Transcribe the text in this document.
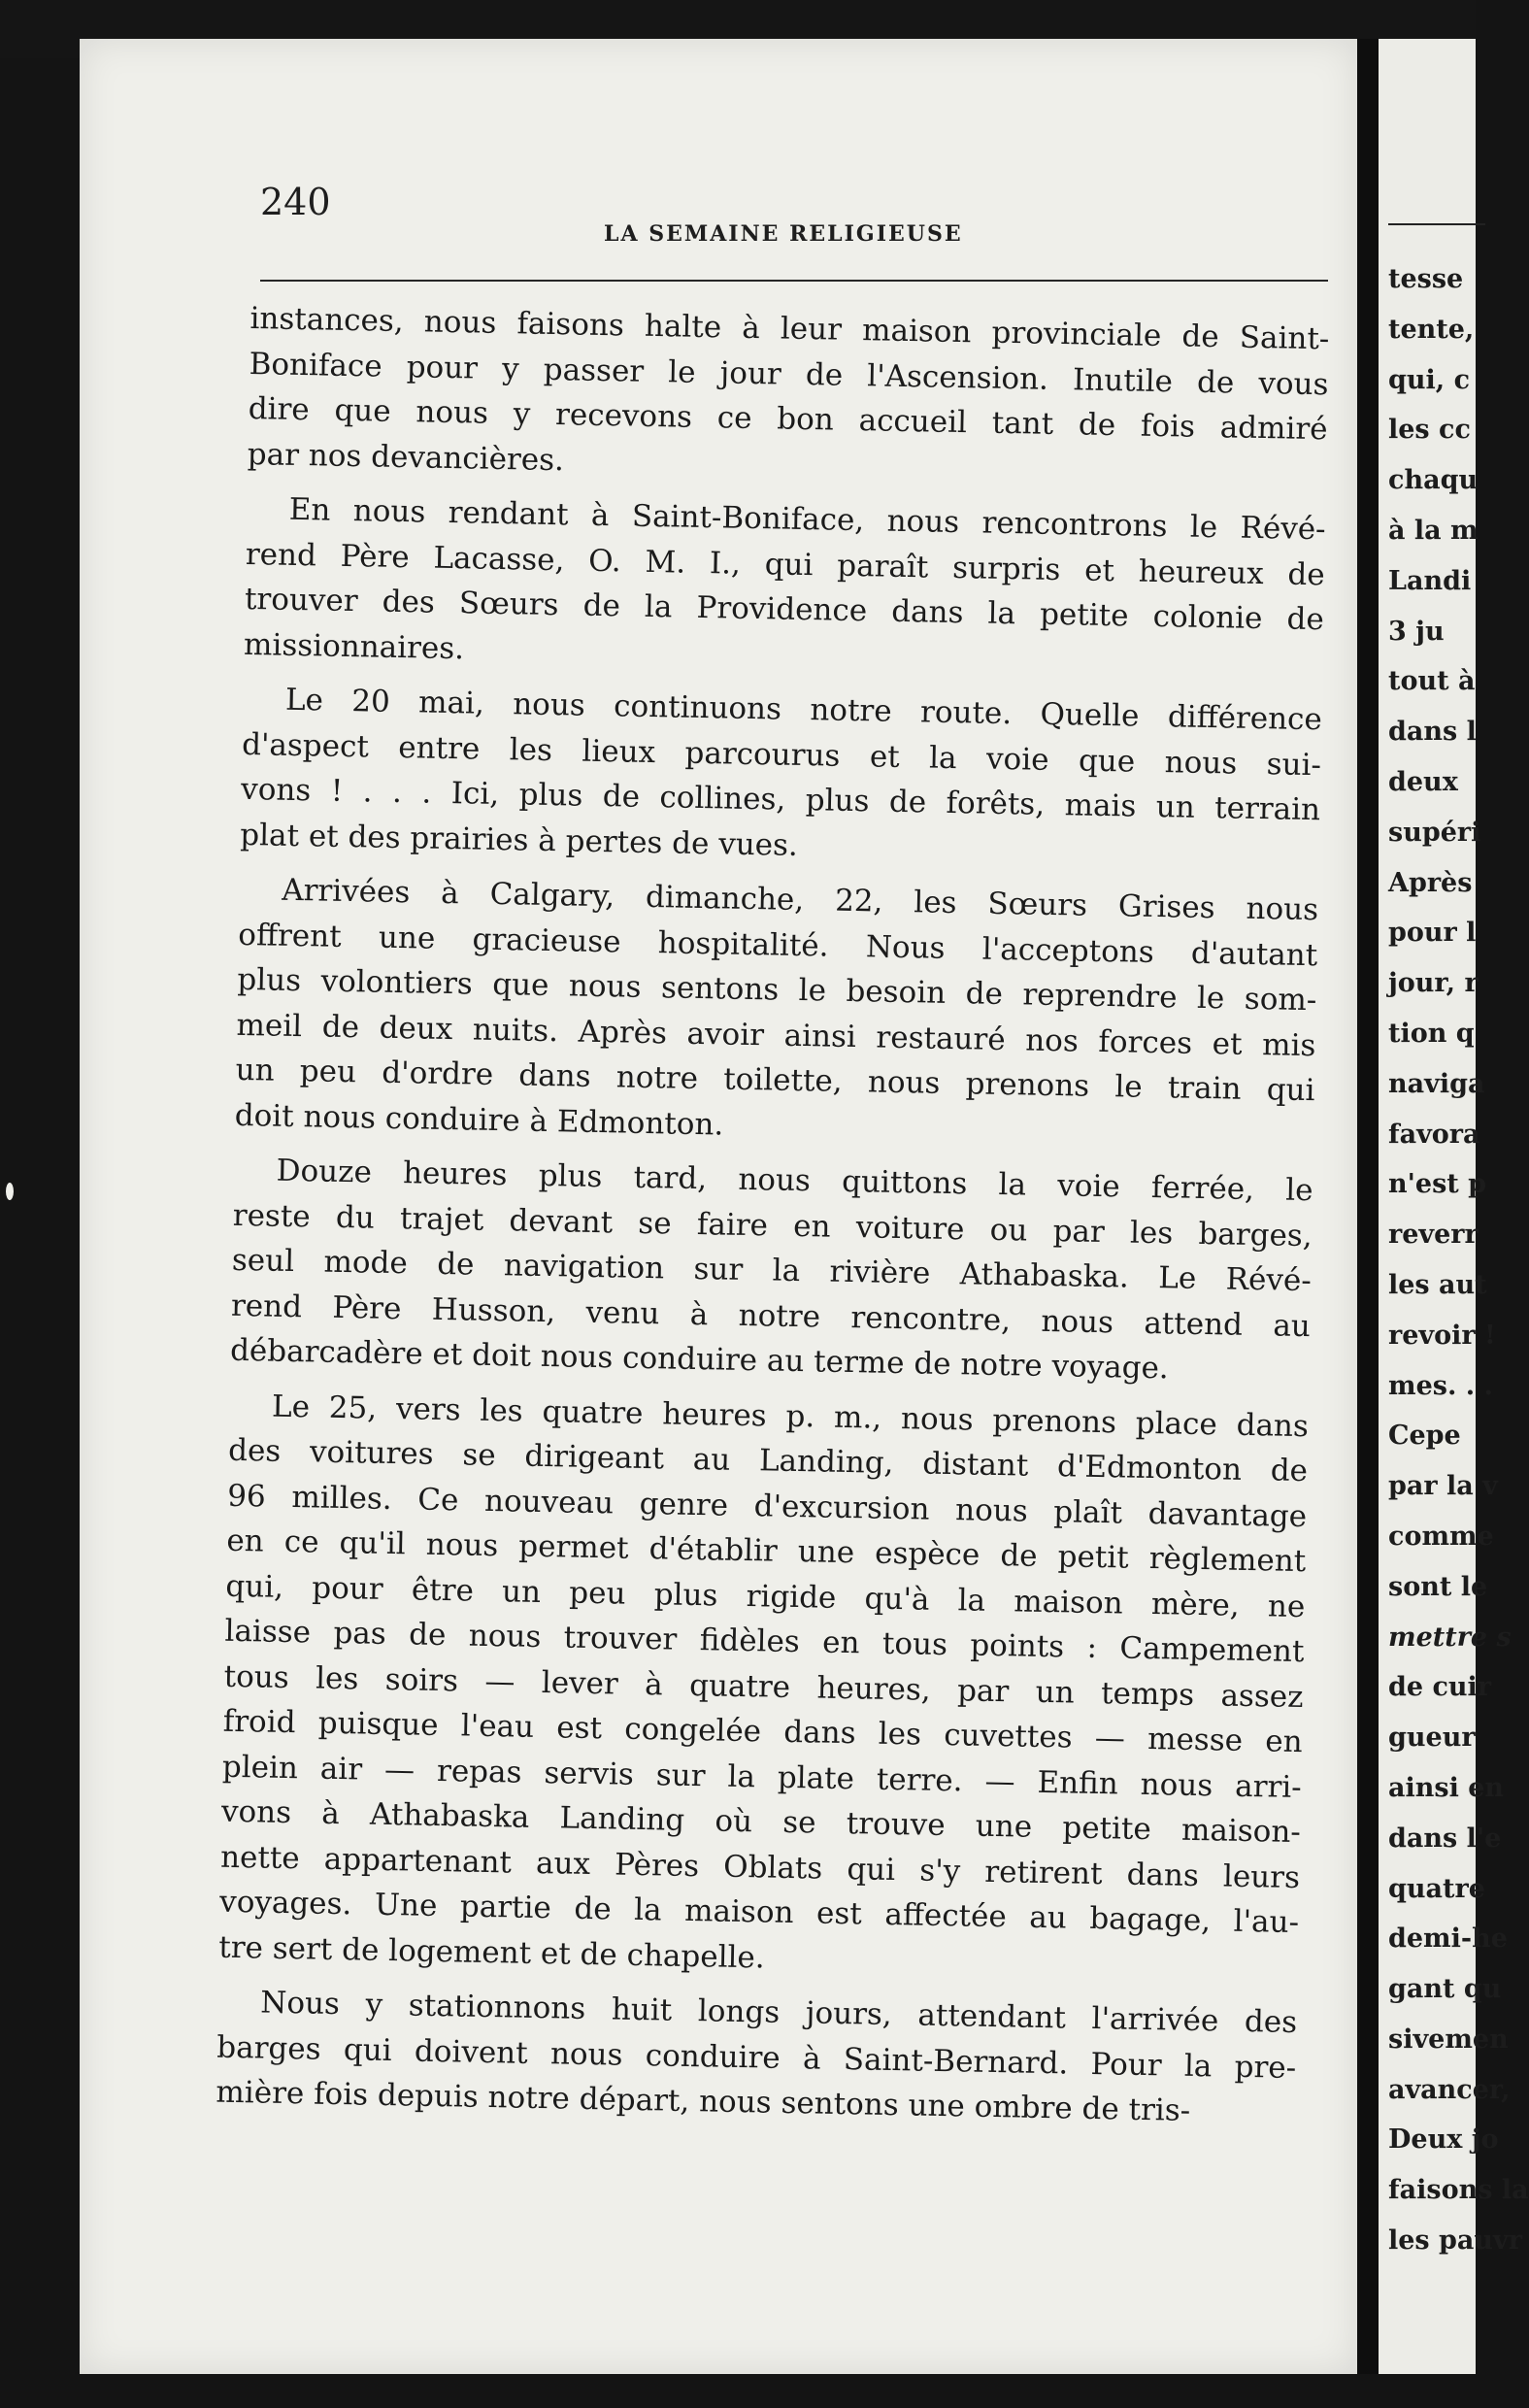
tesse
tente,
qui, c
les cc
chaqu
à la m
Landi
3 ju
tout à
dans l
deux
supéri
Après
pour l
jour, r
tion q
naviga
favora
n'est p
reverr
les aut
revoir !
mes. . .
Cepe
par la v
comme
sont le
mettre s
de cuir
gueur
ainsi en
dans l'e
quatre
demi-he
gant qu
sivemen
avancer,
Deux jo
faisons la
les pauvr
240
LA SEMAINE RELIGIEUSE
instances, nous faisons halte à leur maison provinciale de Saint-
Boniface pour y passer le jour de l'Ascension. Inutile de vous
dire que nous y recevons ce bon accueil tant de fois admiré
par nos devancières.
En nous rendant à Saint-Boniface, nous rencontrons le Révé-
rend Père Lacasse, O. M. I., qui paraît surpris et heureux de
trouver des Sœurs de la Providence dans la petite colonie de
missionnaires.
Le 20 mai, nous continuons notre route. Quelle différence
d'aspect entre les lieux parcourus et la voie que nous sui-
vons ! . . . Ici, plus de collines, plus de forêts, mais un terrain
plat et des prairies à pertes de vues.
Arrivées à Calgary, dimanche, 22, les Sœurs Grises nous
offrent une gracieuse hospitalité. Nous l'acceptons d'autant
plus volontiers que nous sentons le besoin de reprendre le som-
meil de deux nuits. Après avoir ainsi restauré nos forces et mis
un peu d'ordre dans notre toilette, nous prenons le train qui
doit nous conduire à Edmonton.
Douze heures plus tard, nous quittons la voie ferrée, le
reste du trajet devant se faire en voiture ou par les barges,
seul mode de navigation sur la rivière Athabaska. Le Révé-
rend Père Husson, venu à notre rencontre, nous attend au
débarcadère et doit nous conduire au terme de notre voyage.
Le 25, vers les quatre heures p. m., nous prenons place dans
des voitures se dirigeant au Landing, distant d'Edmonton de
96 milles. Ce nouveau genre d'excursion nous plaît davantage
en ce qu'il nous permet d'établir une espèce de petit règlement
qui, pour être un peu plus rigide qu'à la maison mère, ne
laisse pas de nous trouver fidèles en tous points : Campement
tous les soirs — lever à quatre heures, par un temps assez
froid puisque l'eau est congelée dans les cuvettes — messe en
plein air — repas servis sur la plate terre. — Enfin nous arri-
vons à Athabaska Landing où se trouve une petite maison-
nette appartenant aux Pères Oblats qui s'y retirent dans leurs
voyages. Une partie de la maison est affectée au bagage, l'au-
tre sert de logement et de chapelle.
Nous y stationnons huit longs jours, attendant l'arrivée des
barges qui doivent nous conduire à Saint-Bernard. Pour la pre-
mière fois depuis notre départ, nous sentons une ombre de tris-
